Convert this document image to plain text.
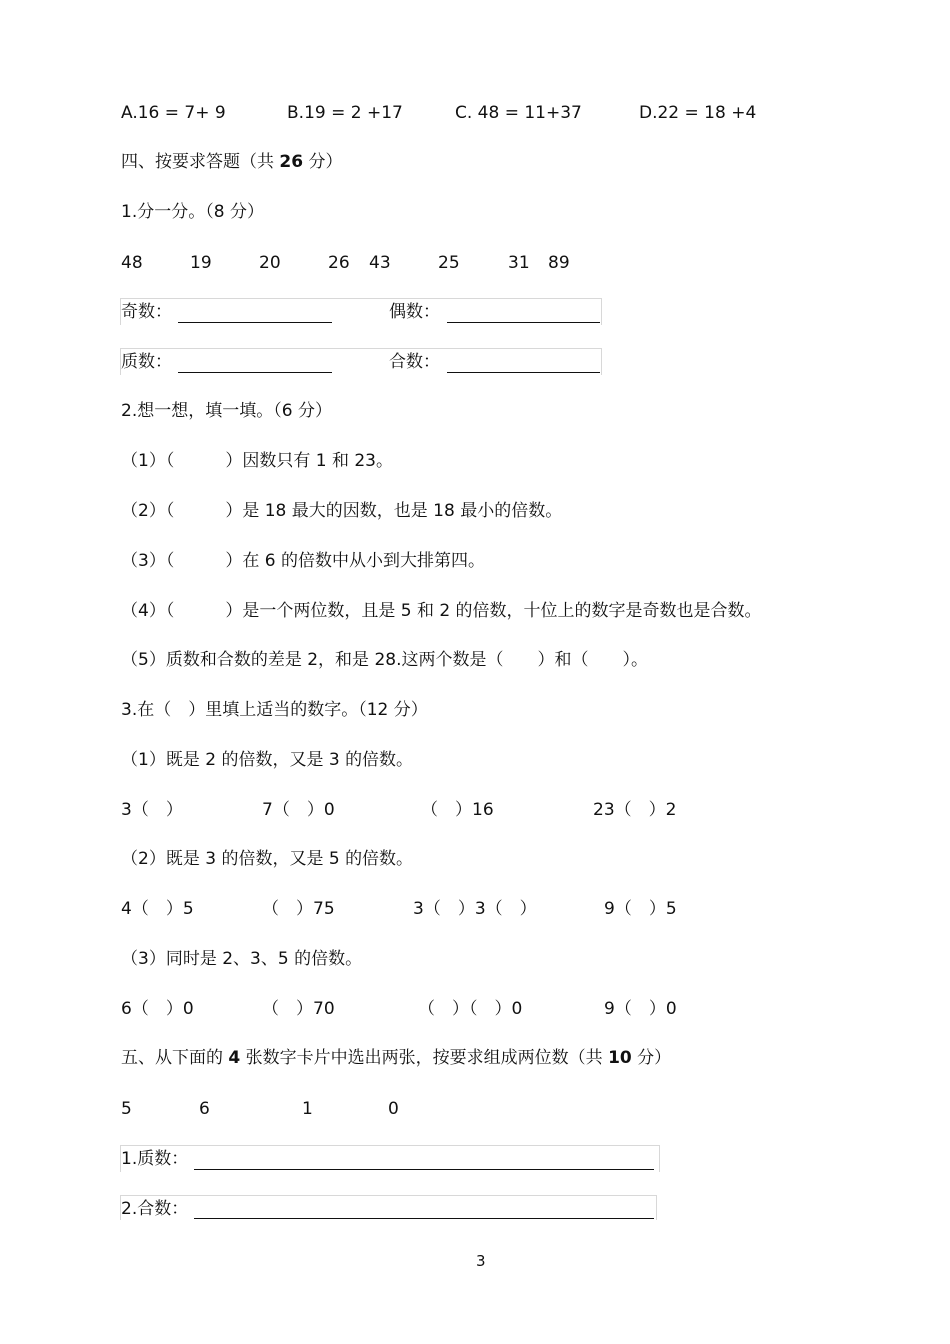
A.16 = 7+ 9	B.19 = 2 +17	C. 48 = 11+37	D.22 = 18 +4
四、按要求答题（共 26 分）
1.分一分。（8 分）
48	19	20	26 43	25	31 89
奇数：	偶数：
质数：	合数：
2.想一想，填一填。（6 分）
（1）（　　　）因数只有 1 和 23。
（2）（　　　）是 18 最大的因数，也是 18 最小的倍数。
（3）（　　　）在 6 的倍数中从小到大排第四。
（4）（　　　）是一个两位数，且是 5 和 2 的倍数，十位上的数字是奇数也是合数。
（5）质数和合数的差是 2，和是 28.这两个数是（　　）和（　　）。
3.在（　）里填上适当的数字。（12 分）
（1）既是 2 的倍数，又是 3 的倍数。
3（　）	7（　）0	（　）16	23（　）2
（2）既是 3 的倍数，又是 5 的倍数。
4（　）5	（　）75	3（　）3（　）	9（　）5
（3）同时是 2、3、5 的倍数。
6（　）0	（　）70	（　）（　）0	9（　）0
五、从下面的 4 张数字卡片中选出两张，按要求组成两位数（共 10 分）
5	6	1	0
1.质数：
2.合数：
3
